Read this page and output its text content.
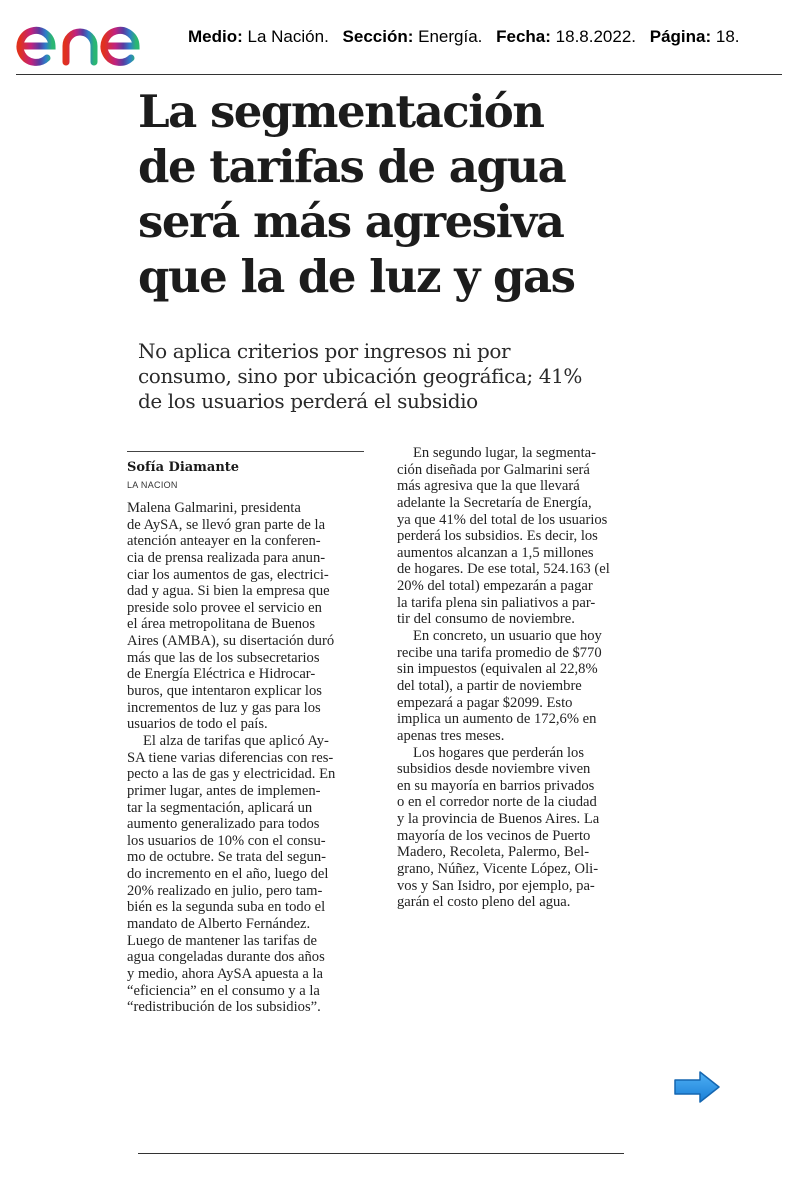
Medio: La Nación. Sección: Energía. Fecha: 18.8.2022. Página: 18.
La segmentación
de tarifas de agua
será más agresiva
que la de luz y gas
No aplica criterios por ingresos ni por
consumo, sino por ubicación geográfica; 41%
de los usuarios perderá el subsidio
Sofía Diamante
LA NACION
Malena Galmarini, presidenta
de AySA, se llevó gran parte de la
atención anteayer en la conferen-
cia de prensa realizada para anun-
ciar los aumentos de gas, electrici-
dad y agua. Si bien la empresa que
preside solo provee el servicio en
el área metropolitana de Buenos
Aires (AMBA), su disertación duró
más que las de los subsecretarios
de Energía Eléctrica e Hidrocar-
buros, que intentaron explicar los
incrementos de luz y gas para los
usuarios de todo el país.
El alza de tarifas que aplicó Ay-
SA tiene varias diferencias con res-
pecto a las de gas y electricidad. En
primer lugar, antes de implemen-
tar la segmentación, aplicará un
aumento generalizado para todos
los usuarios de 10% con el consu-
mo de octubre. Se trata del segun-
do incremento en el año, luego del
20% realizado en julio, pero tam-
bién es la segunda suba en todo el
mandato de Alberto Fernández.
Luego de mantener las tarifas de
agua congeladas durante dos años
y medio, ahora AySA apuesta a la
“eficiencia” en el consumo y a la
“redistribución de los subsidios”.
En segundo lugar, la segmenta-
ción diseñada por Galmarini será
más agresiva que la que llevará
adelante la Secretaría de Energía,
ya que 41% del total de los usuarios
perderá los subsidios. Es decir, los
aumentos alcanzan a 1,5 millones
de hogares. De ese total, 524.163 (el
20% del total) empezarán a pagar
la tarifa plena sin paliativos a par-
tir del consumo de noviembre.
En concreto, un usuario que hoy
recibe una tarifa promedio de $770
sin impuestos (equivalen al 22,8%
del total), a partir de noviembre
empezará a pagar $2099. Esto
implica un aumento de 172,6% en
apenas tres meses.
Los hogares que perderán los
subsidios desde noviembre viven
en su mayoría en barrios privados
o en el corredor norte de la ciudad
y la provincia de Buenos Aires. La
mayoría de los vecinos de Puerto
Madero, Recoleta, Palermo, Bel-
grano, Núñez, Vicente López, Oli-
vos y San Isidro, por ejemplo, pa-
garán el costo pleno del agua.
